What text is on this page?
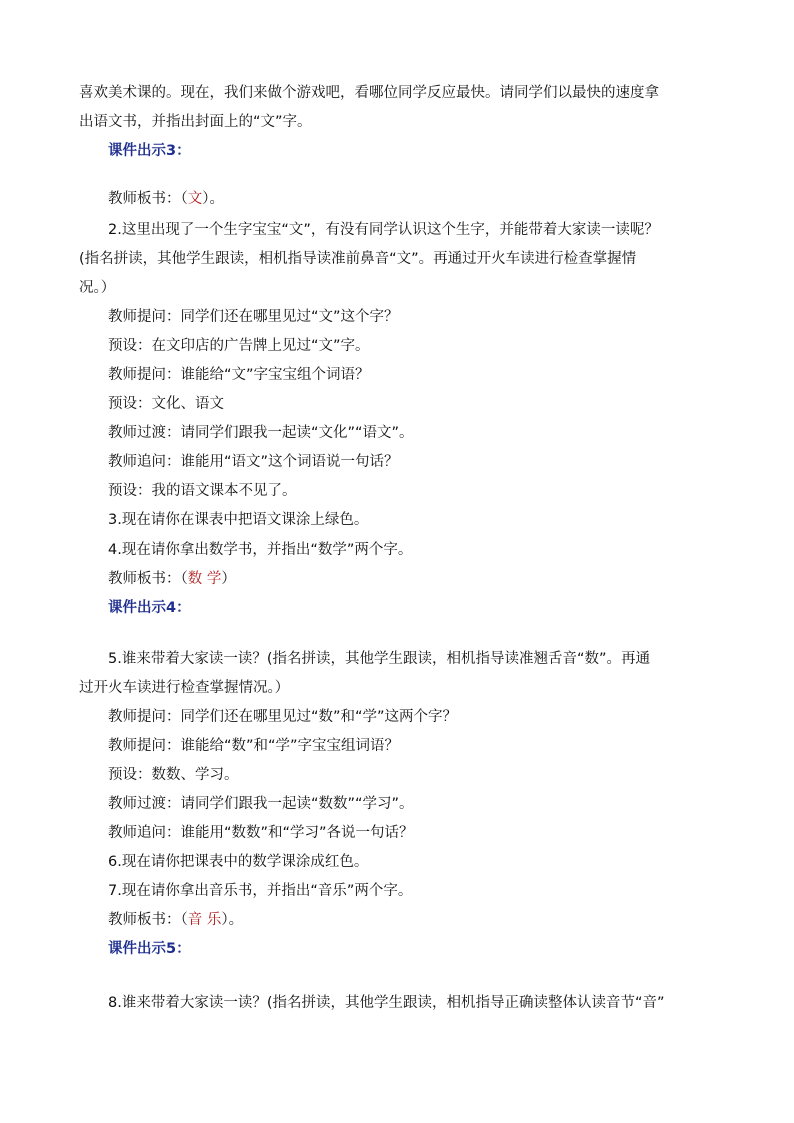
喜欢美术课的。现在，我们来做个游戏吧，看哪位同学反应最快。请同学们以最快的速度拿
出语文书，并指出封面上的“文”字。
课件出示3：
教师板书：（文）。
2.这里出现了一个生字宝宝“文”，有没有同学认识这个生字，并能带着大家读一读呢？
(指名拼读，其他学生跟读，相机指导读准前鼻音“文”。再通过开火车读进行检查掌握情
况。）
教师提问：同学们还在哪里见过“文”这个字？
预设：在文印店的广告牌上见过“文”字。
教师提问：谁能给“文”字宝宝组个词语？
预设：文化、语文
教师过渡：请同学们跟我一起读“文化”“语文”。
教师追问：谁能用“语文”这个词语说一句话？
预设：我的语文课本不见了。
3.现在请你在课表中把语文课涂上绿色。
4.现在请你拿出数学书，并指出“数学”两个字。
教师板书：（数 学）
课件出示4：
5.谁来带着大家读一读？(指名拼读，其他学生跟读，相机指导读准翘舌音“数”。再通
过开火车读进行检查掌握情况。）
教师提问：同学们还在哪里见过“数”和“学”这两个字？
教师提问：谁能给“数”和“学”字宝宝组词语？
预设：数数、学习。
教师过渡：请同学们跟我一起读“数数”“学习”。
教师追问：谁能用“数数”和“学习”各说一句话？
6.现在请你把课表中的数学课涂成红色。
7.现在请你拿出音乐书，并指出“音乐”两个字。
教师板书：（音 乐）。
课件出示5：
8.谁来带着大家读一读？(指名拼读，其他学生跟读，相机指导正确读整体认读音节“音”
